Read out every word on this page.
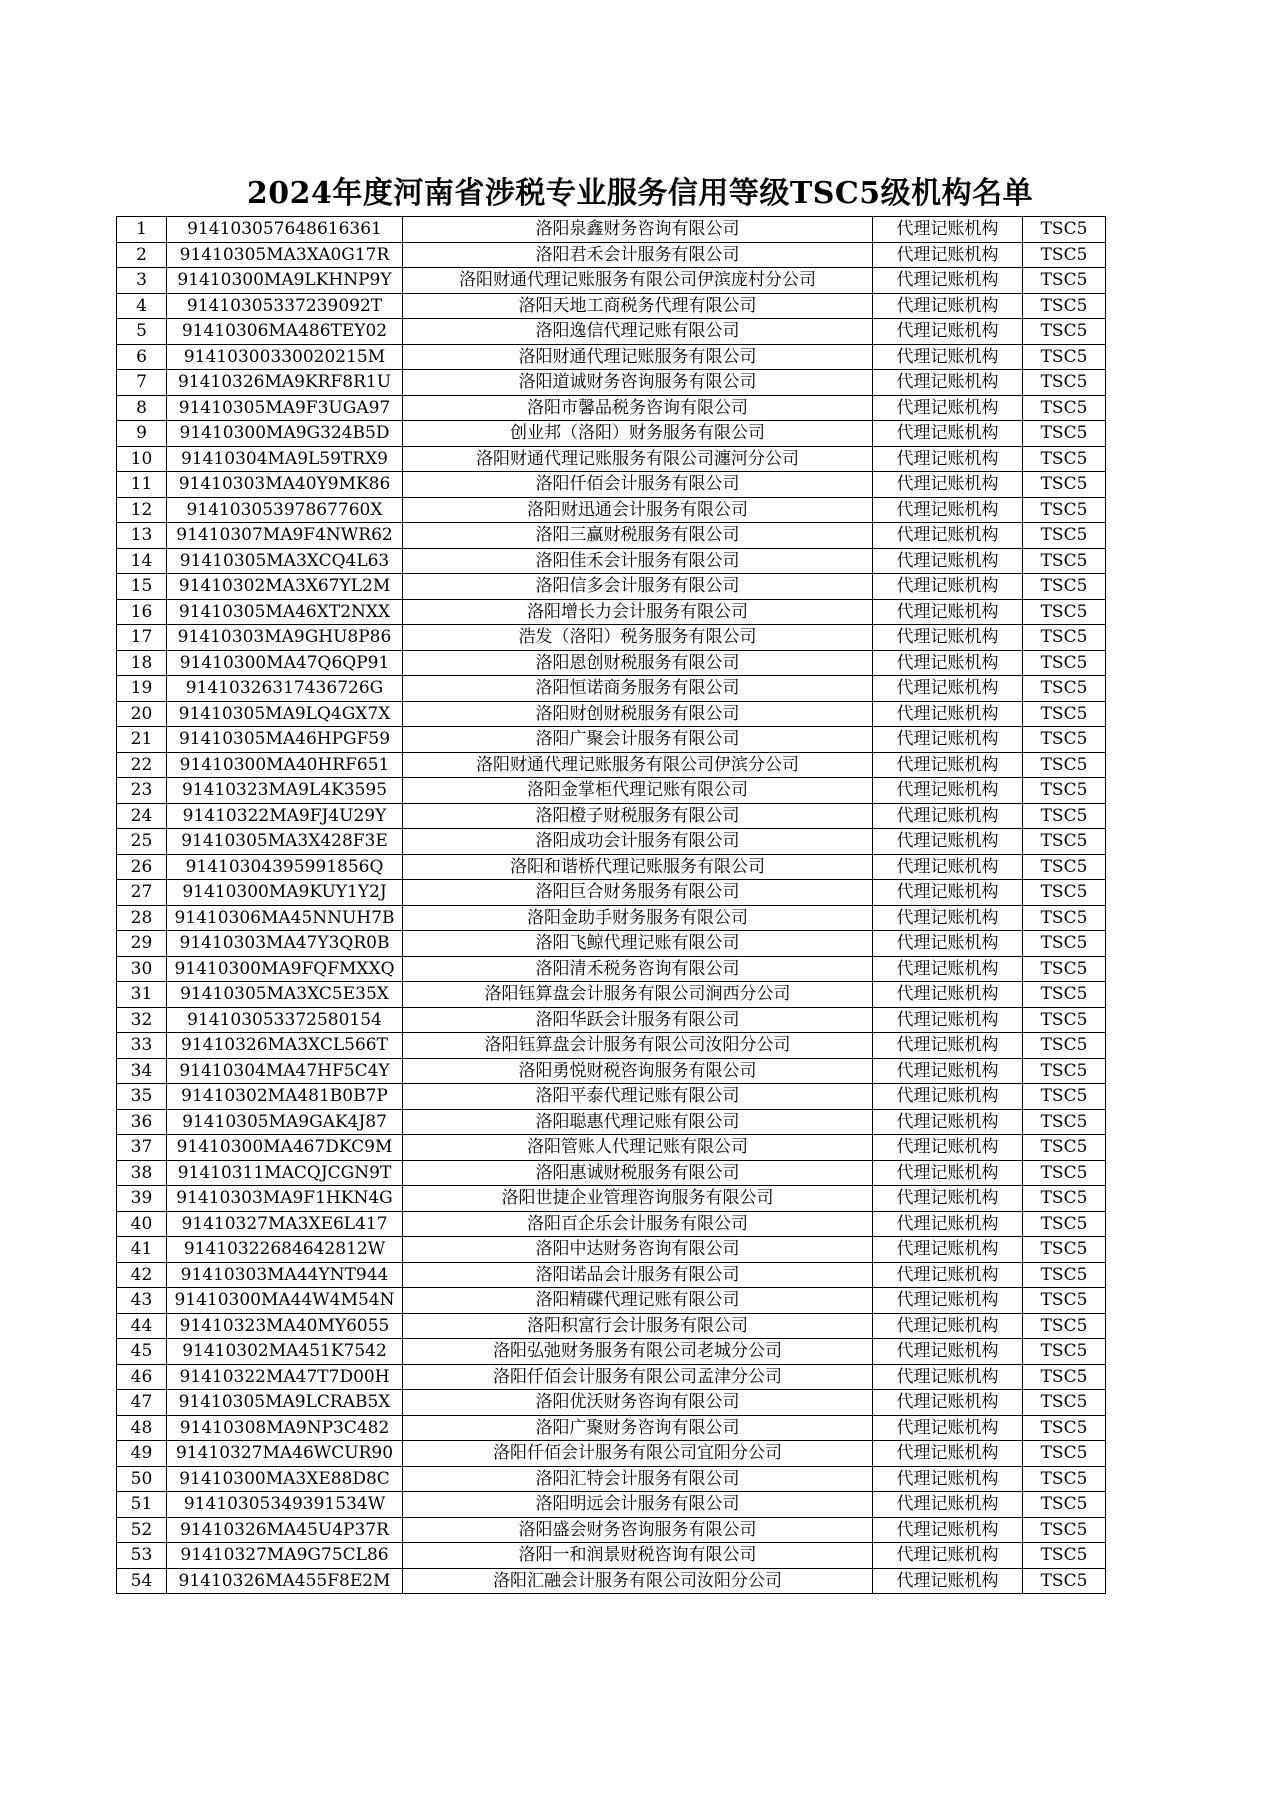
2024年度河南省涉税专业服务信用等级TSC5级机构名单
1	914103057648616361	洛阳泉鑫财务咨询有限公司	代理记账机构	TSC5
2	91410305MA3XA0G17R	洛阳君禾会计服务有限公司	代理记账机构	TSC5
3	91410300MA9LKHNP9Y	洛阳财通代理记账服务有限公司伊滨庞村分公司	代理记账机构	TSC5
4	91410305337239092T	洛阳天地工商税务代理有限公司	代理记账机构	TSC5
5	91410306MA486TEY02	洛阳逸信代理记账有限公司	代理记账机构	TSC5
6	91410300330020215M	洛阳财通代理记账服务有限公司	代理记账机构	TSC5
7	91410326MA9KRF8R1U	洛阳道诚财务咨询服务有限公司	代理记账机构	TSC5
8	91410305MA9F3UGA97	洛阳市馨品税务咨询有限公司	代理记账机构	TSC5
9	91410300MA9G324B5D	创业邦（洛阳）财务服务有限公司	代理记账机构	TSC5
10	91410304MA9L59TRX9	洛阳财通代理记账服务有限公司瀍河分公司	代理记账机构	TSC5
11	91410303MA40Y9MK86	洛阳仟佰会计服务有限公司	代理记账机构	TSC5
12	91410305397867760X	洛阳财迅通会计服务有限公司	代理记账机构	TSC5
13	91410307MA9F4NWR62	洛阳三赢财税服务有限公司	代理记账机构	TSC5
14	91410305MA3XCQ4L63	洛阳佳禾会计服务有限公司	代理记账机构	TSC5
15	91410302MA3X67YL2M	洛阳信多会计服务有限公司	代理记账机构	TSC5
16	91410305MA46XT2NXX	洛阳增长力会计服务有限公司	代理记账机构	TSC5
17	91410303MA9GHU8P86	浩发（洛阳）税务服务有限公司	代理记账机构	TSC5
18	91410300MA47Q6QP91	洛阳恩创财税服务有限公司	代理记账机构	TSC5
19	91410326317436726G	洛阳恒诺商务服务有限公司	代理记账机构	TSC5
20	91410305MA9LQ4GX7X	洛阳财创财税服务有限公司	代理记账机构	TSC5
21	91410305MA46HPGF59	洛阳广聚会计服务有限公司	代理记账机构	TSC5
22	91410300MA40HRF651	洛阳财通代理记账服务有限公司伊滨分公司	代理记账机构	TSC5
23	91410323MA9L4K3595	洛阳金掌柜代理记账有限公司	代理记账机构	TSC5
24	91410322MA9FJ4U29Y	洛阳橙子财税服务有限公司	代理记账机构	TSC5
25	91410305MA3X428F3E	洛阳成功会计服务有限公司	代理记账机构	TSC5
26	91410304395991856Q	洛阳和谐桥代理记账服务有限公司	代理记账机构	TSC5
27	91410300MA9KUY1Y2J	洛阳巨合财务服务有限公司	代理记账机构	TSC5
28	91410306MA45NNUH7B	洛阳金助手财务服务有限公司	代理记账机构	TSC5
29	91410303MA47Y3QR0B	洛阳飞鲸代理记账有限公司	代理记账机构	TSC5
30	91410300MA9FQFMXXQ	洛阳清禾税务咨询有限公司	代理记账机构	TSC5
31	91410305MA3XC5E35X	洛阳钰算盘会计服务有限公司涧西分公司	代理记账机构	TSC5
32	914103053372580154	洛阳华跃会计服务有限公司	代理记账机构	TSC5
33	91410326MA3XCL566T	洛阳钰算盘会计服务有限公司汝阳分公司	代理记账机构	TSC5
34	91410304MA47HF5C4Y	洛阳勇悦财税咨询服务有限公司	代理记账机构	TSC5
35	91410302MA481B0B7P	洛阳平泰代理记账有限公司	代理记账机构	TSC5
36	91410305MA9GAK4J87	洛阳聪惠代理记账有限公司	代理记账机构	TSC5
37	91410300MA467DKC9M	洛阳管账人代理记账有限公司	代理记账机构	TSC5
38	91410311MACQJCGN9T	洛阳惠诚财税服务有限公司	代理记账机构	TSC5
39	91410303MA9F1HKN4G	洛阳世捷企业管理咨询服务有限公司	代理记账机构	TSC5
40	91410327MA3XE6L417	洛阳百企乐会计服务有限公司	代理记账机构	TSC5
41	91410322684642812W	洛阳中达财务咨询有限公司	代理记账机构	TSC5
42	91410303MA44YNT944	洛阳诺品会计服务有限公司	代理记账机构	TSC5
43	91410300MA44W4M54N	洛阳精碟代理记账有限公司	代理记账机构	TSC5
44	91410323MA40MY6055	洛阳积富行会计服务有限公司	代理记账机构	TSC5
45	91410302MA451K7542	洛阳弘弛财务服务有限公司老城分公司	代理记账机构	TSC5
46	91410322MA47T7D00H	洛阳仟佰会计服务有限公司孟津分公司	代理记账机构	TSC5
47	91410305MA9LCRAB5X	洛阳优沃财务咨询有限公司	代理记账机构	TSC5
48	91410308MA9NP3C482	洛阳广聚财务咨询有限公司	代理记账机构	TSC5
49	91410327MA46WCUR90	洛阳仟佰会计服务有限公司宜阳分公司	代理记账机构	TSC5
50	91410300MA3XE88D8C	洛阳汇特会计服务有限公司	代理记账机构	TSC5
51	91410305349391534W	洛阳明远会计服务有限公司	代理记账机构	TSC5
52	91410326MA45U4P37R	洛阳盛会财务咨询服务有限公司	代理记账机构	TSC5
53	91410327MA9G75CL86	洛阳一和润景财税咨询有限公司	代理记账机构	TSC5
54	91410326MA455F8E2M	洛阳汇融会计服务有限公司汝阳分公司	代理记账机构	TSC5
